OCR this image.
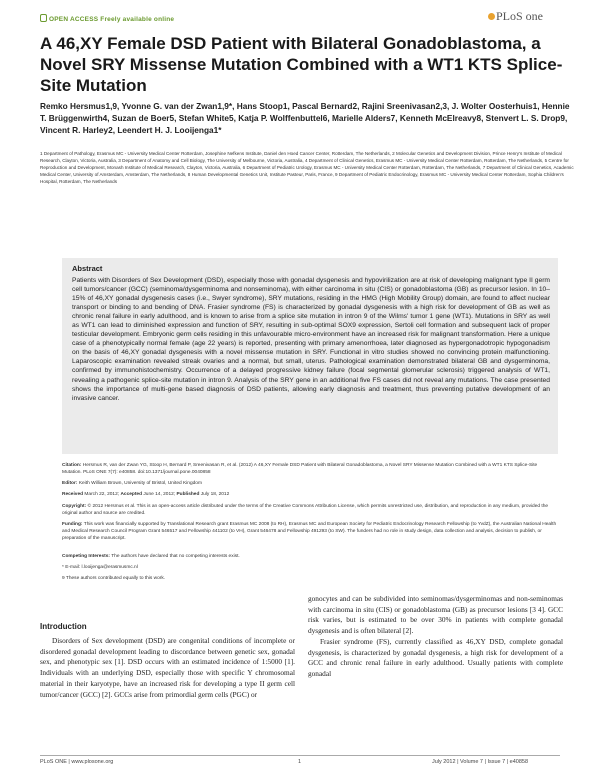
OPEN ACCESS Freely available online	PLoS one
A 46,XY Female DSD Patient with Bilateral Gonadoblastoma, a Novel SRY Missense Mutation Combined with a WT1 KTS Splice-Site Mutation
Remko Hersmus1,9, Yvonne G. van der Zwan1,9*, Hans Stoop1, Pascal Bernard2, Rajini Sreenivasan2,3, J. Wolter Oosterhuis1, Hennie T. Brüggenwirth4, Suzan de Boer5, Stefan White5, Katja P. Wolffenbuttel6, Marielle Alders7, Kenneth McElreavy8, Stenvert L. S. Drop9, Vincent R. Harley2, Leendert H. J. Looijenga1*
1 Department of Pathology, Erasmus MC - University Medical Center Rotterdam, Josephine Nefkens Institute, Daniel den Hoed Cancer Center, Rotterdam, The Netherlands, 2 Molecular Genetics and Development Division, Prince Henry's Institute of Medical Research, Clayton, Victoria, Australia, 3 Department of Anatomy and Cell Biology, The University of Melbourne, Victoria, Australia, 4 Department of Clinical Genetics, Erasmus MC - University Medical Center Rotterdam, Rotterdam, The Netherlands, 5 Centre for Reproduction and Development, Monash Institute of Medical Research, Clayton, Victoria, Australia, 6 Department of Pediatric Urology, Erasmus MC - University Medical Center Rotterdam, Rotterdam, The Netherlands, 7 Department of Clinical Genetics, Academic Medical Center, University of Amsterdam, Amsterdam, The Netherlands, 8 Human Developmental Genetics Unit, Institute Pasteur, Paris, France, 9 Department of Pediatric Endocrinology, Erasmus MC - University Medical Center Rotterdam, Sophia Children's Hospital, Rotterdam, The Netherlands
Abstract
Patients with Disorders of Sex Development (DSD), especially those with gonadal dysgenesis and hypovirilization are at risk of developing malignant type II germ cell tumors/cancer (GCC) (seminoma/dysgerminoma and nonseminoma), with either carcinoma in situ (CIS) or gonadoblastoma (GB) as precursor lesion. In 10–15% of 46,XY gonadal dysgenesis cases (i.e., Swyer syndrome), SRY mutations, residing in the HMG (High Mobility Group) domain, are found to affect nuclear transport or binding to and bending of DNA. Frasier syndrome (FS) is characterized by gonadal dysgenesis with a high risk for development of GB as well as chronic renal failure in early adulthood, and is known to arise from a splice site mutation in intron 9 of the Wilms' tumor 1 gene (WT1). Mutations in SRY as well as WT1 can lead to diminished expression and function of SRY, resulting in sub-optimal SOX9 expression, Sertoli cell formation and subsequent lack of proper testicular development. Embryonic germ cells residing in this unfavourable micro-environment have an increased risk for malignant transformation. Here a unique case of a phenotypically normal female (age 22 years) is reported, presenting with primary amenorrhoea, later diagnosed as hypergonadotropic hypogonadism on the basis of 46,XY gonadal dysgenesis with a novel missense mutation in SRY. Functional in vitro studies showed no convincing protein malfunctioning. Laparoscopic examination revealed streak ovaries and a normal, but small, uterus. Pathological examination demonstrated bilateral GB and dysgerminoma, confirmed by immunohistochemistry. Occurrence of a delayed progressive kidney failure (focal segmental glomerular sclerosis) triggered analysis of WT1, revealing a pathogenic splice-site mutation in intron 9. Analysis of the SRY gene in an additional five FS cases did not reveal any mutations. The case presented shows the importance of multi-gene based diagnosis of DSD patients, allowing early diagnosis and treatment, thus preventing putative development of an invasive cancer.
Citation: Hersmus R, van der Zwan YG, Stoop H, Bernard P, Sreenivasan R, et al. (2012) A 46,XY Female DSD Patient with Bilateral Gonadoblastoma, a Novel SRY Missense Mutation Combined with a WT1 KTS Splice-Site Mutation. PLoS ONE 7(7): e40858. doi:10.1371/journal.pone.0040858
Editor: Keith William Brown, University of Bristol, United Kingdom
Received March 22, 2012; Accepted June 14, 2012; Published July 18, 2012
Copyright: © 2012 Hersmus et al. This is an open-access article distributed under the terms of the Creative Commons Attribution License, which permits unrestricted use, distribution, and reproduction in any medium, provided the original author and source are credited.
Funding: This work was financially supported by Translational Research grant Erasmus MC 2008 (to RH), Erasmus MC and European Society for Pediatric Endocrinology Research Fellowship (to YvdZ), the Australian National Health and Medical Research Council Program Grant 546517 and Fellowship 441102 (to VH), Grant 546478 and Fellowship 491293 (to SW). The funders had no role in study design, data collection and analysis, decision to publish, or preparation of the manuscript.
Competing Interests: The authors have declared that no competing interests exist.
* E-mail: l.looijenga@erasmusmc.nl
9 These authors contributed equally to this work.
Introduction

Disorders of Sex development (DSD) are congenital conditions of incomplete or disordered gonadal development leading to discordance between genetic sex, gonadal sex, and phenotypic sex [1]. DSD occurs with an estimated incidence of 1:5000 [1]. Individuals with an underlying DSD, especially those with specific Y chromosomal material in their karyotype, have an increased risk for developing a type II germ cell tumor/cancer (GCC) [2]. GCCs arise from primordial germ cells (PGC) or

gonocytes and can be subdivided into seminomas/dysgerminomas and non-seminomas with carcinoma in situ (CIS) or gonadoblastoma (GB) as precursor lesions [3 4]. GCC risk varies, but is estimated to be over 30% in patients with complete gonadal dysgenesis and is often bilateral [2].

Frasier syndrome (FS), currently classified as 46,XY DSD, complete gonadal dysgenesis, is characterized by gonadal dysgenesis, a high risk for development of a GCC and chronic renal failure in early adulthood. Usually patients with complete gonadal

PLoS ONE | www.plosone.org	1	July 2012 | Volume 7 | Issue 7 | e40858
